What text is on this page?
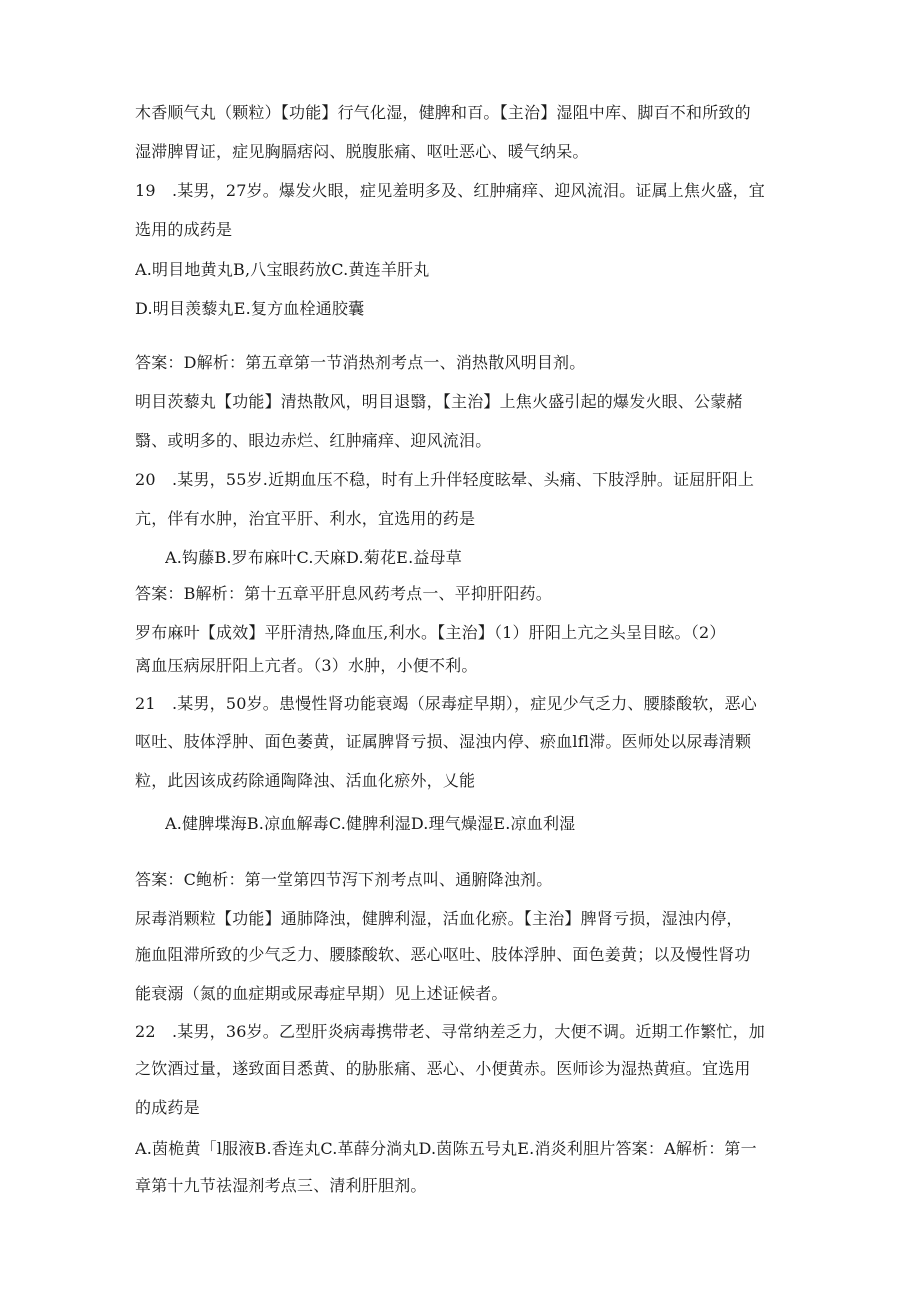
木香顺气丸（颗粒）【功能】行气化湿，健脾和百。【主治】湿阻中库、脚百不和所致的
湿滞脾胃证，症见胸膈痞闷、脱腹胀痛、呕吐恶心、暖气纳呆。
19　.某男，27岁。爆发火眼，症见羞明多及、红肿痛痒、迎风流泪。证属上焦火盛，宜
选用的成药是
A.明目地黄丸B,八宝眼药放C.黄连羊肝丸
D.明目羡藜丸E.复方血栓通胶囊
答案：D解析：第五章第一节消热剂考点一、消热散风明目剂。
明目茨藜丸【功能】清热散风，明目退翳，【主治】上焦火盛引起的爆发火眼、公蒙赭
翳、或明多的、眼边赤烂、红肿痛痒、迎风流泪。
20　.某男，55岁.近期血压不稳，时有上升伴轻度眩晕、头痛、下肢浮肿。证屈肝阳上
亢，伴有水肿，治宜平肝、利水，宜选用的药是
A.钩藤B.罗布麻叶C.天麻D.菊花E.益母草
答案：B解析：第十五章平肝息风药考点一、平抑肝阳药。
罗布麻叶【成效】平肝清热,降血压,利水。【主治】（1）肝阳上亢之头呈目眩。（2）
离血压病尿肝阳上亢者。（3）水肿，小便不利。
21　.某男，50岁。患慢性肾功能衰竭（尿毒症早期），症见少气乏力、腰膝酸软，恶心
呕吐、肢体浮肿、面色萎黄，证属脾肾亏损、湿浊内停、瘀血lfl滞。医师处以尿毒清颗
粒，此因该成药除通陶降浊、活血化瘀外，乂能
A.健脾堞海B.凉血解毒C.健脾利湿D.理气燥湿E.凉血利湿
答案：C鲍析：第一堂第四节泻下剂考点叫、通腑降浊剂。
尿毒消颗粒【功能】通肺降浊，健脾利湿，活血化瘀。【主治】脾肾亏损，湿浊内停，
施血阻滞所致的少气乏力、腰膝酸软、恶心呕吐、肢体浮肿、面色姜黄；以及慢性肾功
能衰溺（氮的血症期或尿毒症早期）见上述证候者。
22　.某男，36岁。乙型肝炎病毒携带老、寻常纳差乏力，大便不调。近期工作繁忙，加
之饮酒过量，遂致面目悉黄、的胁胀痛、恶心、小便黄赤。医师诊为湿热黄疸。宜选用
的成药是
A.茵桅黄「l服液B.香连丸C.革薛分淌丸D.茵陈五号丸E.消炎利胆片答案：A解析：第一
章第十九节祛湿剂考点三、清利肝胆剂。
